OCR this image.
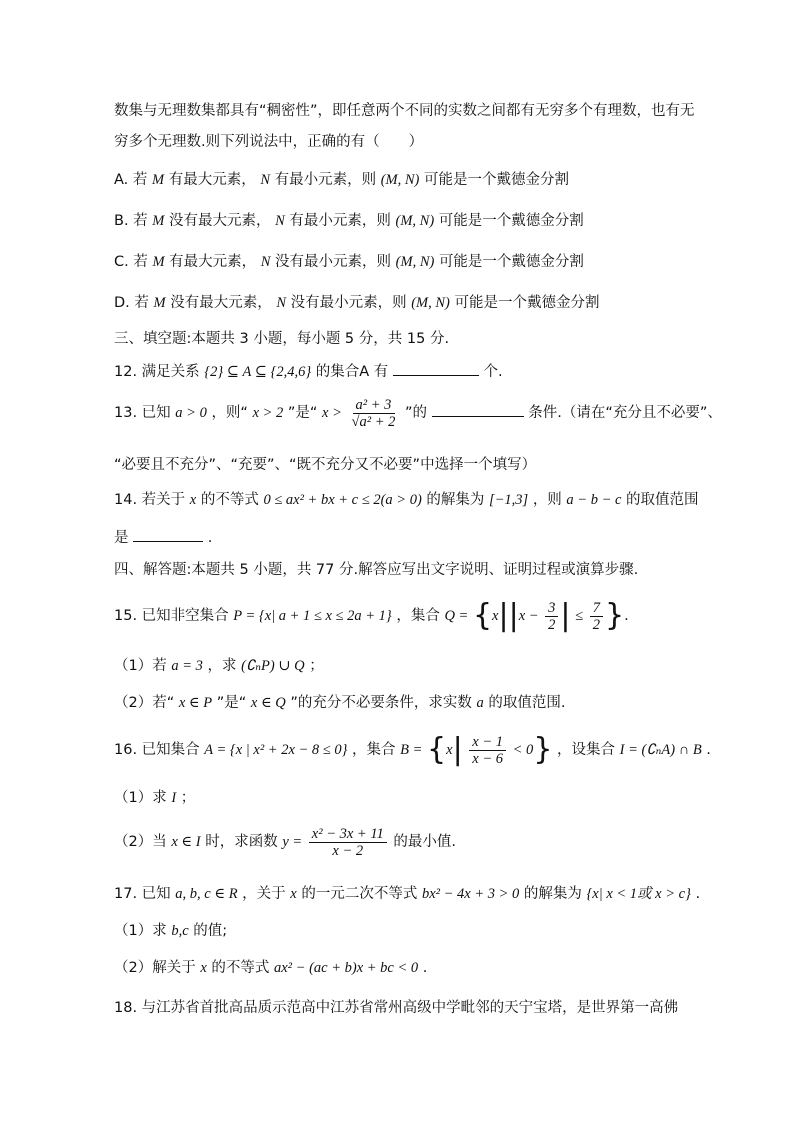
数集与无理数集都具有“稠密性”，即任意两个不同的实数之间都有无穷多个有理数，也有无
穷多个无理数.则下列说法中，正确的有（　　）
A. 若 M 有最大元素， N 有最小元素，则 (M, N) 可能是一个戴德金分割
B. 若 M 没有最大元素， N 有最小元素，则 (M, N) 可能是一个戴德金分割
C. 若 M 有最大元素， N 没有最小元素，则 (M, N) 可能是一个戴德金分割
D. 若 M 没有最大元素， N 没有最小元素，则 (M, N) 可能是一个戴德金分割
三、填空题:本题共 3 小题，每小题 5 分，共 15 分.
12. 满足关系 {2} ⊆ A ⊆ {2,4,6} 的集合A 有	个.
13. 已知 a > 0 ，则“ x > 2 ”是“ $x > \frac{\text{a² + 3}}{\text{√a² + 2}}$ ”的	条件.（请在“充分且不必要”、
“必要且不充分”、“充要”、“既不充分又不必要”中选择一个填写）
14. 若关于 x 的不等式 0 ≤ ax² + bx + c ≤ 2(a > 0) 的解集为 [−1,3] ，则 a − b − c 的取值范围
是	.
四、解答题:本题共 5 小题，共 77 分.解答应写出文字说明、证明过程或演算步骤.
15. 已知非空集合 P = {x| a + 1 ≤ x ≤ 2a + 1} ，集合 $Q = \{x||x - \frac{3}{2}$ | ≤ $\frac{7}{2}$ }.
（1）若 a = 3 ，求 (∁ₙP) ∪ Q ；
（2）若“ x ∈ P ”是“ x ∈ Q ”的充分不必要条件，求实数 a 的取值范围.
16. 已知集合 A = {x | x² + 2x − 8 ≤ 0} ，集合 $B = \{x| \frac{x - 1}{x - 6} < 0\}$ ，设集合 I = (∁ₙA) ∩ B .
（1）求 I ；
（2）当 x ∈ I 时，求函数 $y = \frac{\text{x² − 3x + 11}}{x - 2}$ 的最小值.
17. 已知 a, b, c ∈ R ，关于 x 的一元二次不等式 bx² − 4x + 3 > 0 的解集为 {x| x < 1或 x > c} .
（1）求 b,c 的值;
（2）解关于 x 的不等式 ax² − (ac + b)x + bc < 0 .
18. 与江苏省首批高品质示范高中江苏省常州高级中学毗邻的天宁宝塔，是世界第一高佛
